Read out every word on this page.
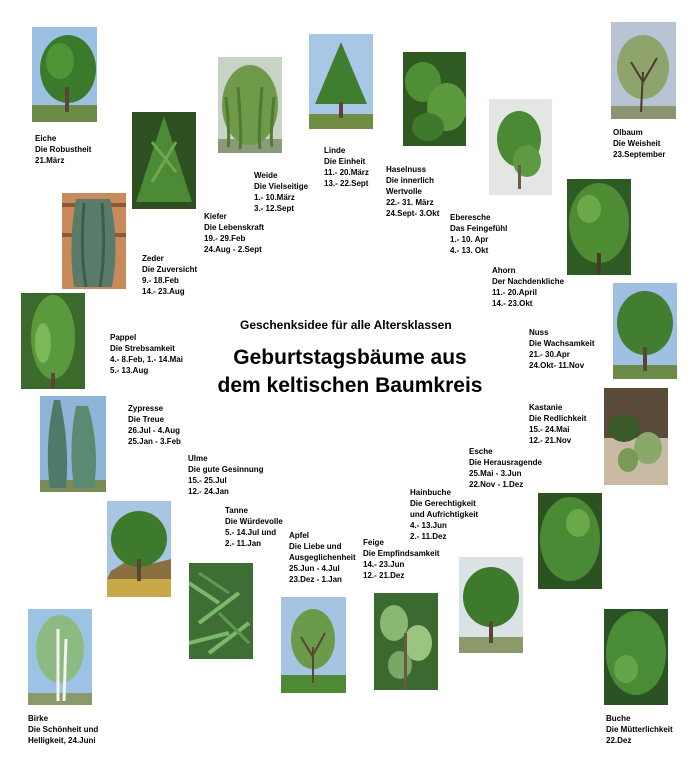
Eiche
Die Robustheit
21.März
Weide
Die Vielseitige
1.- 10.März
3.- 12.Sept
Linde
Die Einheit
11.- 20.März
13.- 22.Sept
Haselnuss
Die innerlich
Wertvolle
22.- 31. März
24.Sept- 3.Okt
Olbaum
Die Weisheit
23.September
Kiefer
Die Lebenskraft
19.- 29.Feb
24.Aug - 2.Sept
Eberesche
Das Feingefühl
1.- 10. Apr
4.- 13. Okt
Zeder
Die Zuversicht
9.- 18.Feb
14.- 23.Aug
Ahorn
Der Nachdenkliche
11.- 20.April
14.- 23.Okt
Pappel
Die Strebsamkeit
4.- 8.Feb, 1.- 14.Mai
5.- 13.Aug
Nuss
Die Wachsamkeit
21.- 30.Apr
24.Okt- 11.Nov
Zypresse
Die Treue
26.Jul - 4.Aug
25.Jan - 3.Feb
Kastanie
Die Redlichkeit
15.- 24.Mai
12.- 21.Nov
Ulme
Die gute Gesinnung
15.- 25.Jul
12.- 24.Jan
Esche
Die Herausragende
25.Mai - 3.Jun
22.Nov - 1.Dez
Hainbuche
Die Gerechtigkeit
und Aufrichtigkeit
4.- 13.Jun
2.- 11.Dez
Tanne
Die Würdevolle
5.- 14.Jul und
2.- 11.Jan
Apfel
Die Liebe und
Ausgeglichenheit
25.Jun - 4.Jul
23.Dez - 1.Jan
Feige
Die Empfindsamkeit
14.- 23.Jun
12.- 21.Dez
Birke
Die Schönheit und
Helligkeit, 24.Juni
Buche
Die Mütterlichkeit
22.Dez
Geschenksidee für alle Altersklassen
Geburtstagsbäume aus
dem keltischen Baumkreis
